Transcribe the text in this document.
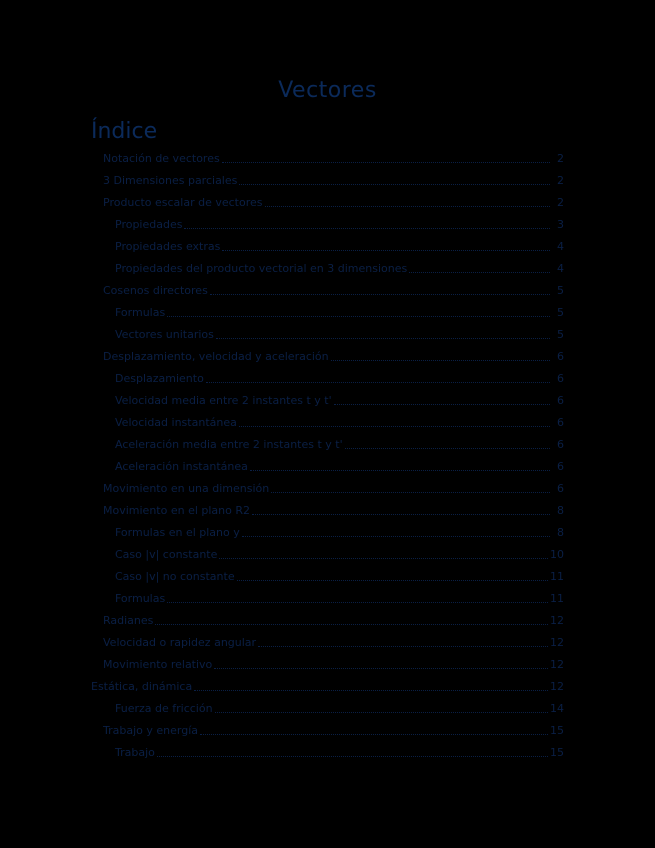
Vectores
Índice
Notación de vectores	2
3 Dimensiones parciales	2
Producto escalar de vectores	2
Propiedades	3
Propiedades extras	4
Propiedades del producto vectorial en 3 dimensiones	4
Cosenos directores	5
Formulas	5
Vectores unitarios	5
Desplazamiento, velocidad y aceleración	6
Desplazamiento	6
Velocidad media entre 2 instantes t y t'	6
Velocidad instantánea	6
Aceleración media entre 2 instantes t y t'	6
Aceleración instantánea	6
Movimiento en una dimensión	6
Movimiento en el plano R2	8
Formulas en el plano y	8
Caso |v| constante	10
Caso |v| no constante	11
Formulas	11
Radianes	12
Velocidad o rapidez angular	12
Movimiento relativo	12
Estática, dinámica	12
Fuerza de fricción	14
Trabajo y energía	15
Trabajo	15
